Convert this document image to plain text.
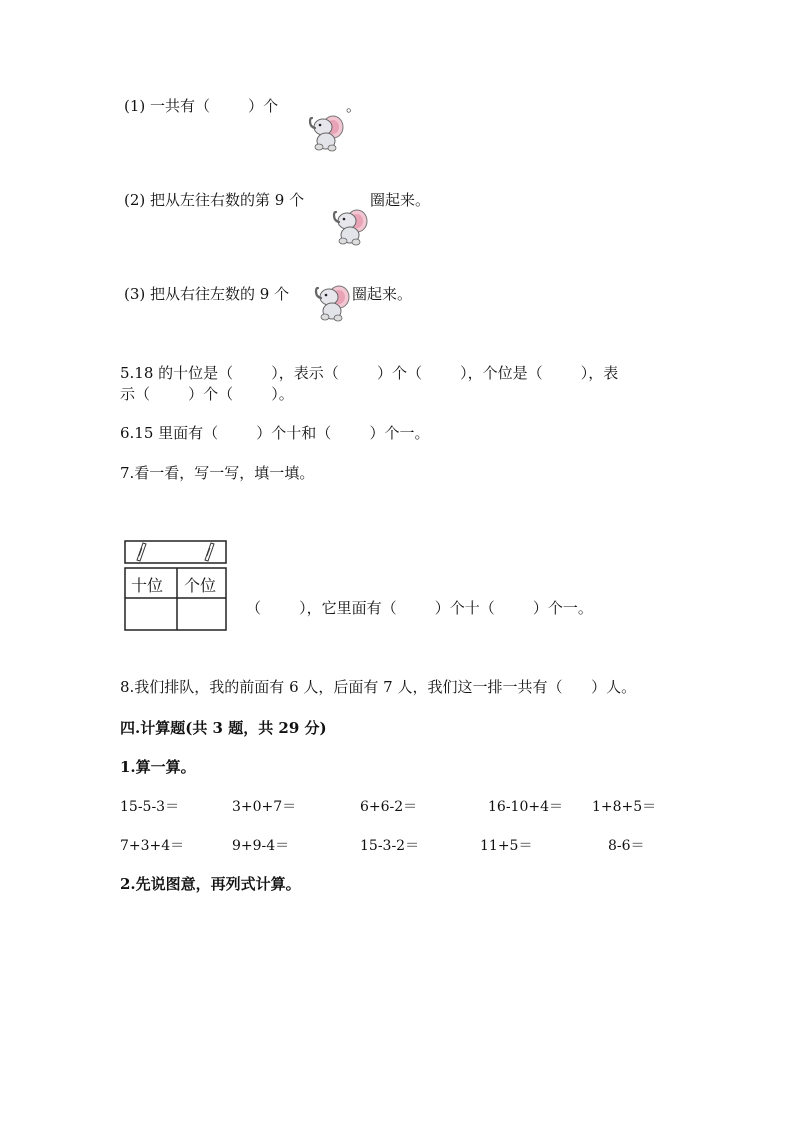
(1) 一共有（        ）个	。
(2) 把从左往右数的第 9 个	圈起来。
(3) 把从右往左数的 9 个	圈起来。
5.18 的十位是（        ），表示（        ）个（        ），个位是（        ），表
示（        ）个（        ）。
6.15 里面有（        ）个十和（        ）个一。
7.看一看，写一写，填一填。
十位 个位
（        ），它里面有（        ）个十（        ）个一。
8.我们排队，我的前面有 6 人，后面有 7 人，我们这一排一共有（      ）人。
四.计算题(共 3 题，共 29 分)
1.算一算。
15-5-3＝	3+0+7＝	6+6-2＝	16-10+4＝ 1+8+5＝
7+3+4＝	9+9-4＝	15-3-2＝	11+5＝	8-6＝
2.先说图意，再列式计算。
